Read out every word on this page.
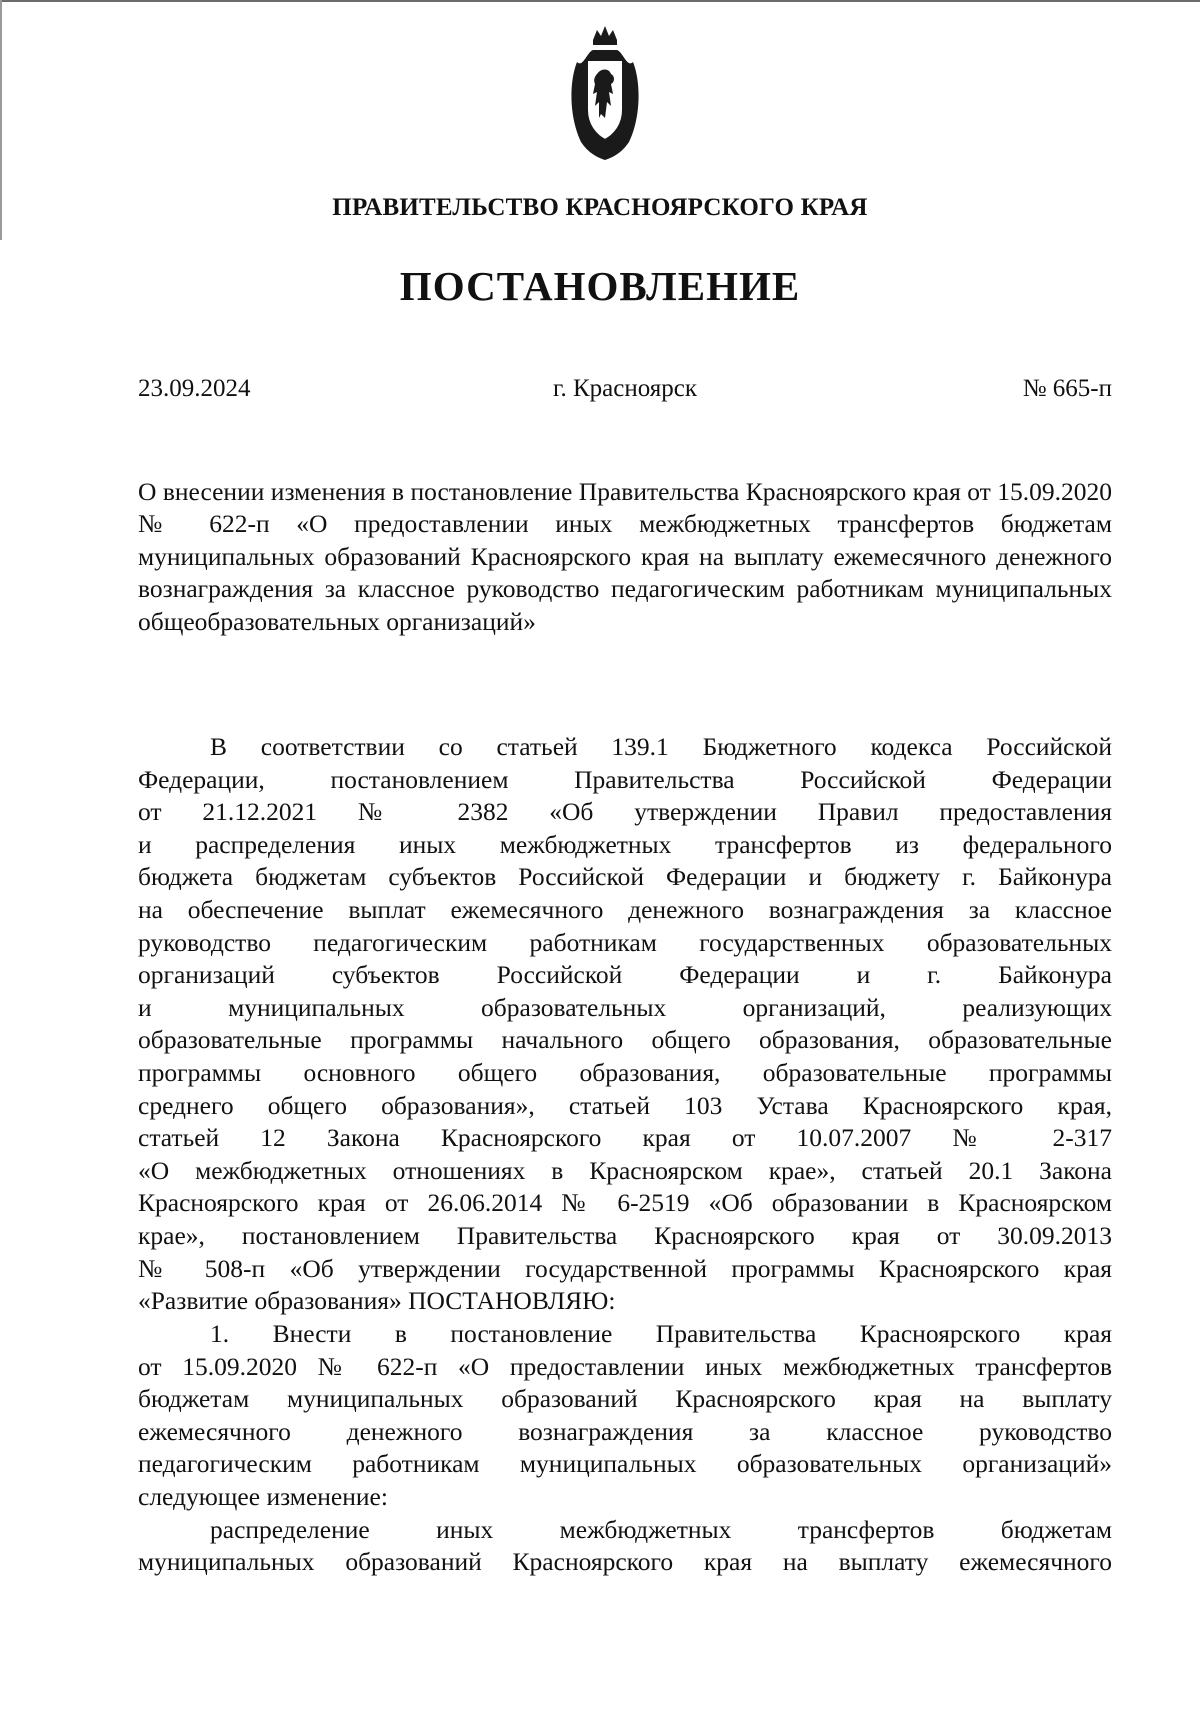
ПРАВИТЕЛЬСТВО КРАСНОЯРСКОГО КРАЯ
ПОСТАНОВЛЕНИЕ
г. Красноярск
23.09.2024	№ 665-п
О внесении изменения в постановление Правительства Красноярского края от 15.09.2020 № 622-п «О предоставлении иных межбюджетных трансфертов бюджетам муниципальных образований Красноярского края на выплату ежемесячного денежного вознаграждения за классное руководство педагогическим работникам муниципальных общеобразовательных организаций»
В соответствии со статьей 139.1 Бюджетного кодекса Российской
Федерации, постановлением Правительства Российской Федерации
от 21.12.2021 № 2382 «Об утверждении Правил предоставления
и распределения иных межбюджетных трансфертов из федерального
бюджета бюджетам субъектов Российской Федерации и бюджету г. Байконура
на обеспечение выплат ежемесячного денежного вознаграждения за классное
руководство педагогическим работникам государственных образовательных
организаций субъектов Российской Федерации и г. Байконура
и муниципальных образовательных организаций, реализующих
образовательные программы начального общего образования, образовательные
программы основного общего образования, образовательные программы
среднего общего образования», статьей 103 Устава Красноярского края,
статьей 12 Закона Красноярского края от 10.07.2007 № 2-317
«О межбюджетных отношениях в Красноярском крае», статьей 20.1 Закона
Красноярского края от 26.06.2014 № 6-2519 «Об образовании в Красноярском
крае», постановлением Правительства Красноярского края от 30.09.2013
№ 508-п «Об утверждении государственной программы Красноярского края
«Развитие образования» ПОСТАНОВЛЯЮ:
1. Внести в постановление Правительства Красноярского края
от 15.09.2020 № 622-п «О предоставлении иных межбюджетных трансфертов
бюджетам муниципальных образований Красноярского края на выплату
ежемесячного денежного вознаграждения за классное руководство
педагогическим работникам муниципальных образовательных организаций»
следующее изменение:
распределение иных межбюджетных трансфертов бюджетам
муниципальных образований Красноярского края на выплату ежемесячного
